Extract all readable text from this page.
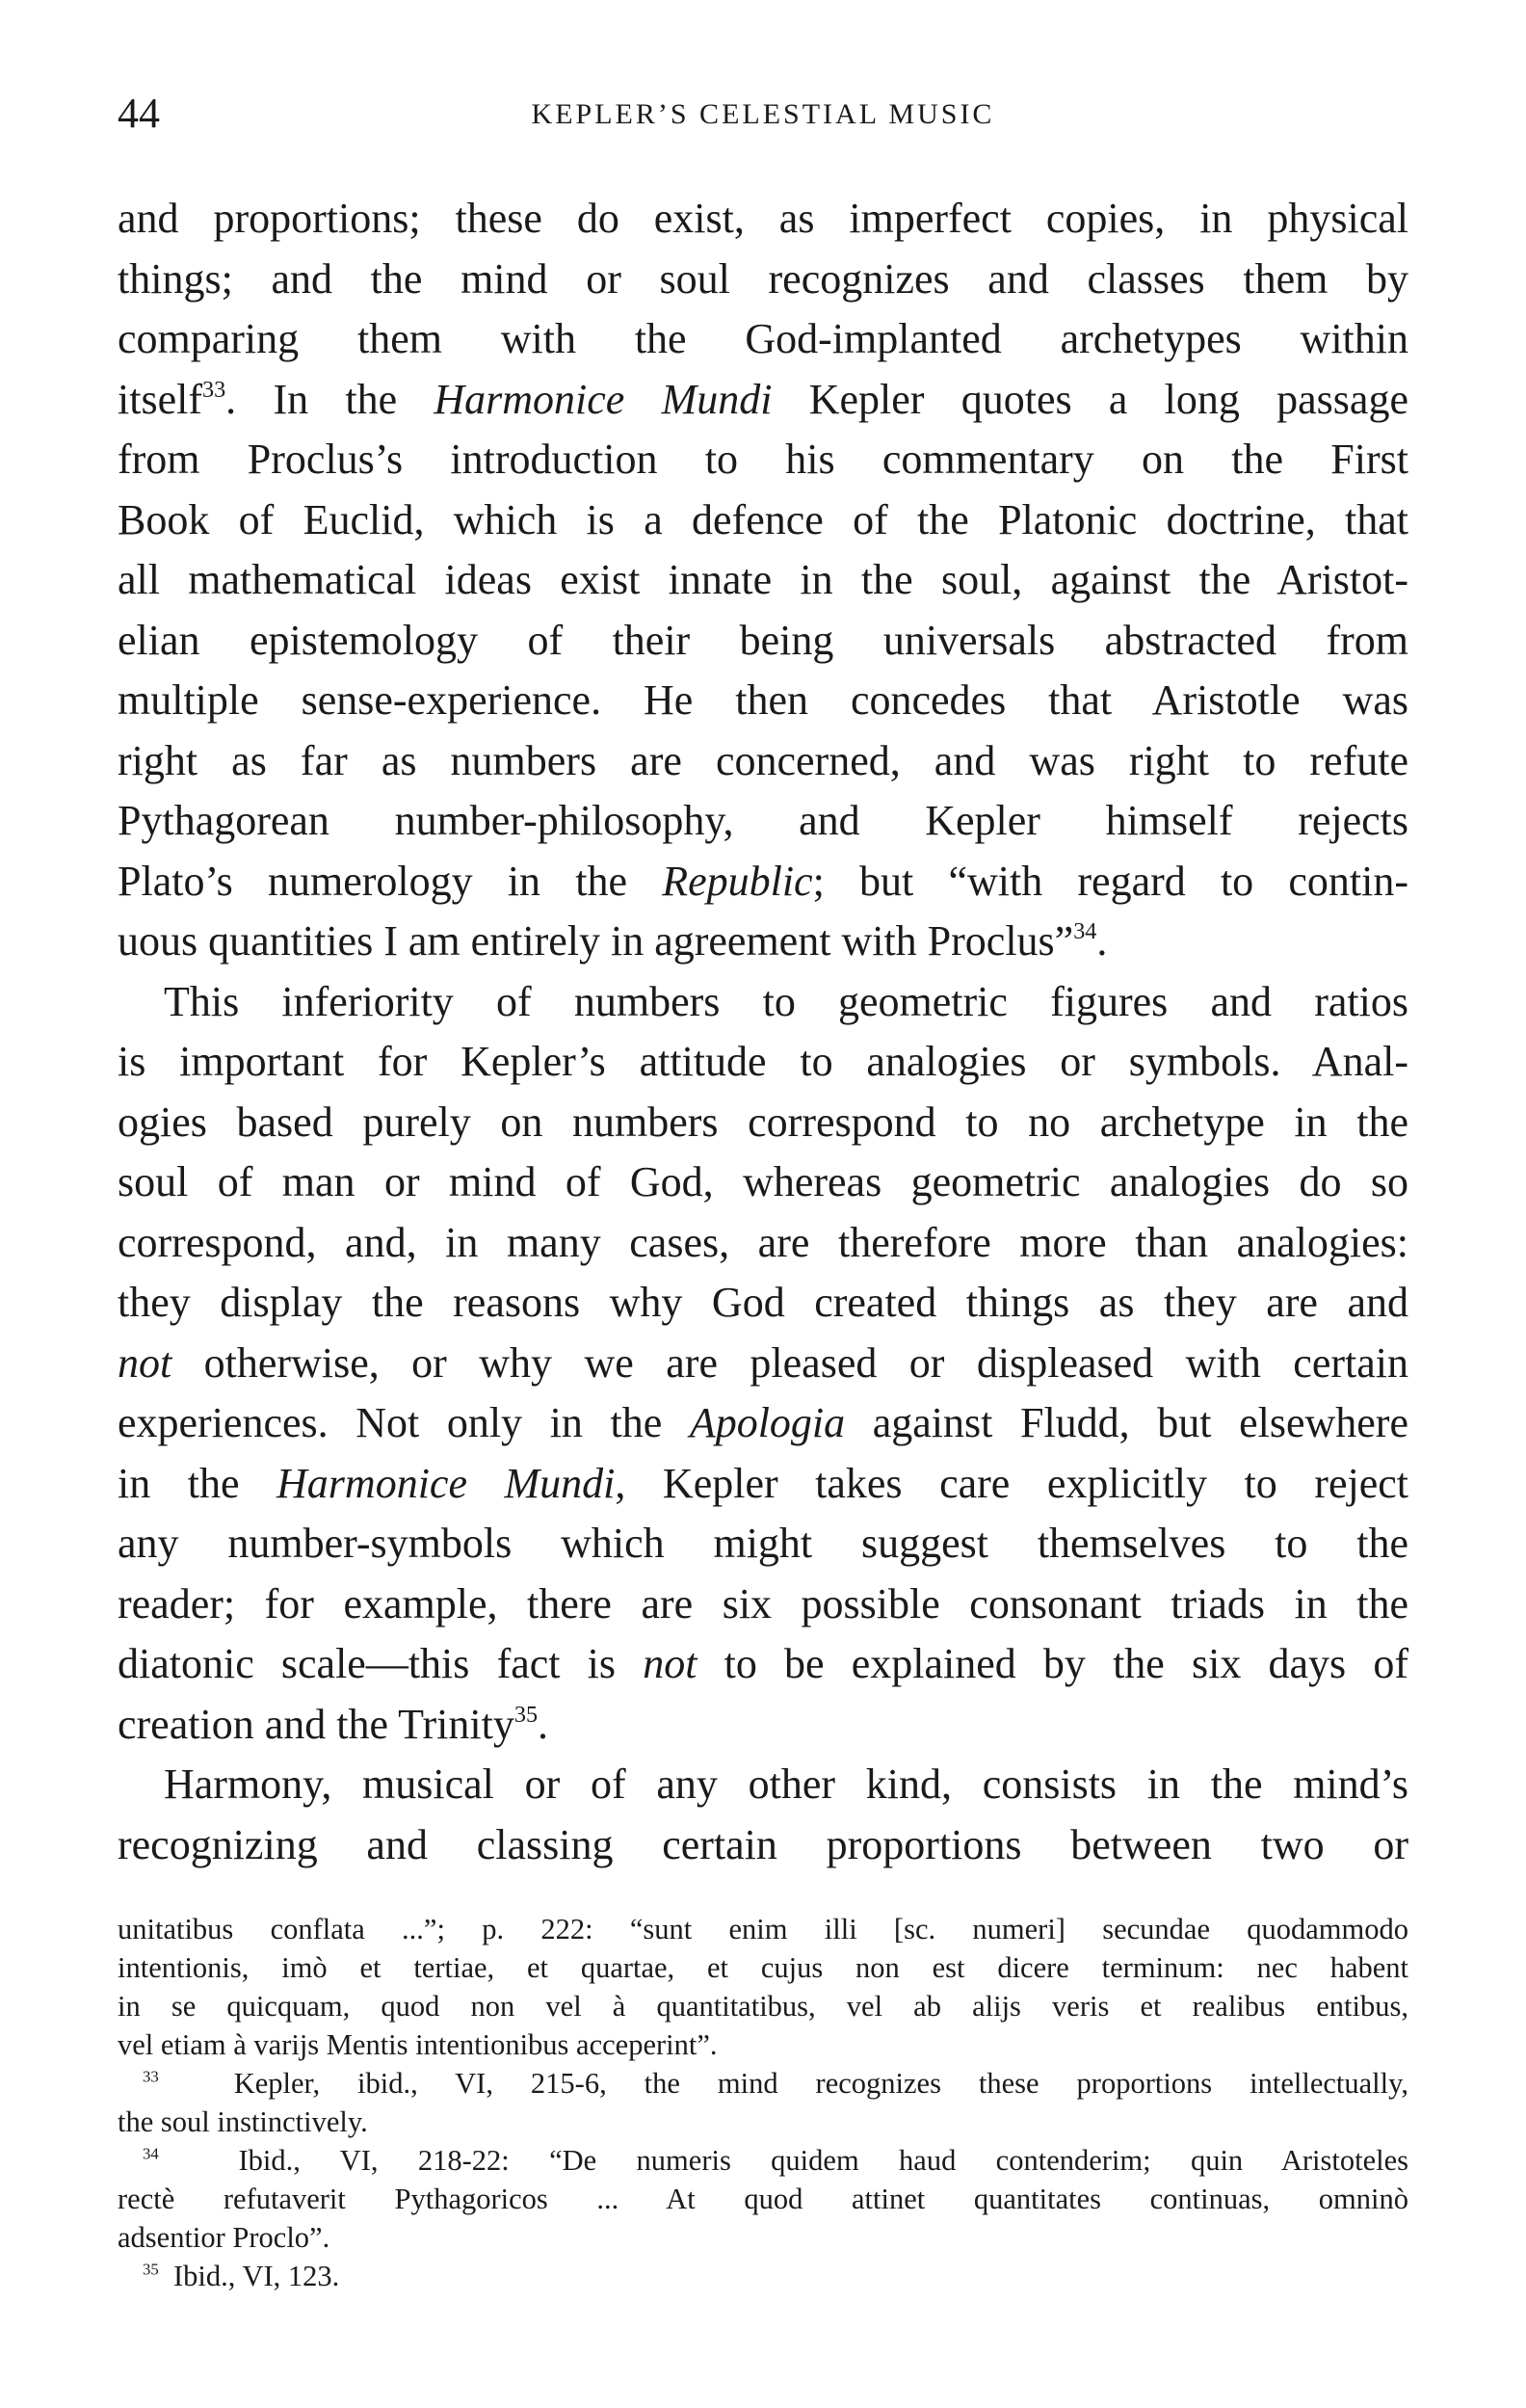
44	KEPLER’S CELESTIAL MUSIC
and proportions; these do exist, as imperfect copies, in physical
things; and the mind or soul recognizes and classes them by
comparing them with the God-implanted archetypes within
itself$^{33}$. In the Harmonice Mundi Kepler quotes a long passage
from Proclus’s introduction to his commentary on the First
Book of Euclid, which is a defence of the Platonic doctrine, that
all mathematical ideas exist innate in the soul, against the Aristot-
elian epistemology of their being universals abstracted from
multiple sense-experience. He then concedes that Aristotle was
right as far as numbers are concerned, and was right to refute
Pythagorean number-philosophy, and Kepler himself rejects
Plato’s numerology in the Republic; but “with regard to contin-
uous quantities I am entirely in agreement with Proclus”$^{34}$.
This inferiority of numbers to geometric figures and ratios
is important for Kepler’s attitude to analogies or symbols. Anal-
ogies based purely on numbers correspond to no archetype in the
soul of man or mind of God, whereas geometric analogies do so
correspond, and, in many cases, are therefore more than analogies:
they display the reasons why God created things as they are and
not otherwise, or why we are pleased or displeased with certain
experiences. Not only in the Apologia against Fludd, but elsewhere
in the Harmonice Mundi, Kepler takes care explicitly to reject
any number-symbols which might suggest themselves to the
reader; for example, there are six possible consonant triads in the
diatonic scale—this fact is not to be explained by the six days of
creation and the Trinity$^{35}$.
Harmony, musical or of any other kind, consists in the mind’s
recognizing and classing certain proportions between two or
unitatibus conflata ...”; p. 222: “sunt enim illi [sc. numeri] secundae quodammodo
intentionis, imò et tertiae, et quartae, et cujus non est dicere terminum: nec habent
in se quicquam, quod non vel à quantitatibus, vel ab alijs veris et realibus entibus,
vel etiam à varijs Mentis intentionibus acceperint”.
$^{33}$  Kepler, ibid., VI, 215-6, the mind recognizes these proportions intellectually,
the soul instinctively.
$^{34}$  Ibid., VI, 218-22: “De numeris quidem haud contenderim; quin Aristoteles
rectè refutaverit Pythagoricos ... At quod attinet quantitates continuas, omninò
adsentior Proclo”.
$^{35}$  Ibid., VI, 123.
